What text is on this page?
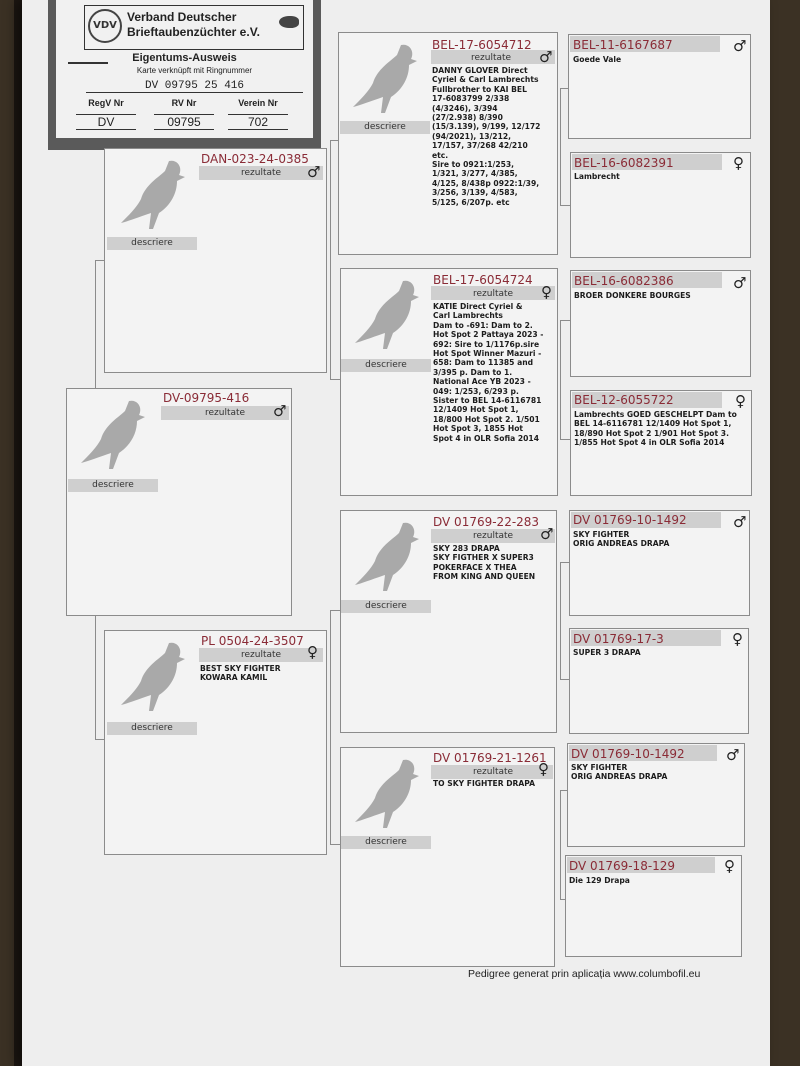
VDV
Verband Deutscher
Brieftaubenzüchter e.V.
Eigentums-Ausweis
Karte verknüpft mit Ringnummer
DV 09795 25 416
RegV Nr	RV Nr	Verein Nr
DV	09795	702
DV-09795-416
rezultate ♂
descriere
DAN-023-24-0385
rezultate ♂
descriere
PL 0504-24-3507
rezultate ♀
BEST SKY FIGHTER
KOWARA KAMIL
descriere
BEL-17-6054712
rezultate ♂
DANNY GLOVER Direct
Cyriel & Carl Lambrechts
Fullbrother to KAI BEL
17-6083799 2/338
(4/3246), 3/394
(27/2.938) 8/390
(15/3.139), 9/199, 12/172
(94/2021), 13/212,
17/157, 37/268 42/210
etc.
Sire to 0921:1/253,
1/321, 3/277, 4/385,
4/125, 8/438p 0922:1/39,
3/256, 3/139, 4/583,
5/125, 6/207p. etc
descriere
BEL-17-6054724
rezultate ♀
KATIE Direct Cyriel &
Carl Lambrechts
Dam to -691: Dam to 2.
Hot Spot 2 Pattaya 2023 -
692: Sire to 1/1176p.sire
Hot Spot Winner Mazuri -
658: Dam to 11385 and
3/395 p. Dam to 1.
National Ace YB 2023 -
049: 1/253, 6/293 p.
Sister to BEL 14-6116781
12/1409 Hot Spot 1,
18/800 Hot Spot 2. 1/501
Hot Spot 3, 1855 Hot
Spot 4 in OLR Sofia 2014
descriere
DV 01769-22-283
rezultate ♂
SKY 283 DRAPA
SKY FIGTHER X SUPER3
POKERFACE X THEA
FROM KING AND QUEEN
descriere
DV 01769-21-1261
rezultate ♀
TO SKY FIGHTER DRAPA
descriere
BEL-11-6167687	♂
Goede Vale
BEL-16-6082391	♀
Lambrecht
BEL-16-6082386	♂
BROER DONKERE BOURGES
BEL-12-6055722	♀
Lambrechts GOED GESCHELPT Dam to
BEL 14-6116781 12/1409 Hot Spot 1,
18/890 Hot Spot 2 1/901 Hot Spot 3.
1/855 Hot Spot 4 in OLR Sofia 2014
DV 01769-10-1492	♂
SKY FIGHTER
ORIG ANDREAS DRAPA
DV 01769-17-3	♀
SUPER 3 DRAPA
DV 01769-10-1492	♂
SKY FIGHTER
ORIG ANDREAS DRAPA
DV 01769-18-129	♀
Die 129 Drapa
Pedigree generat prin aplicația www.columbofil.eu
